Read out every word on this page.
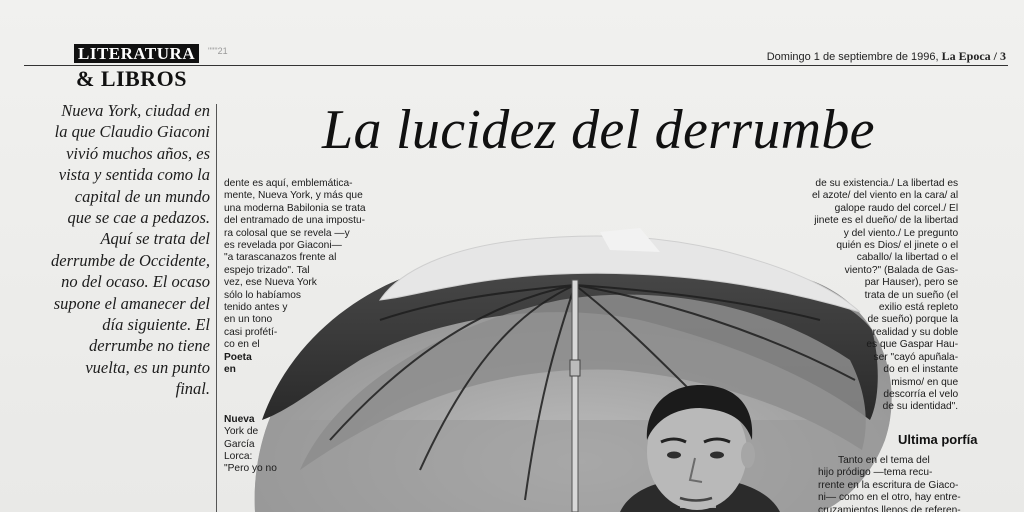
LITERATURA	"""21
& LIBROS
Domingo 1 de septiembre de 1996, La Epoca / 3
Nueva York, ciudad en
la que Claudio Giaconi
vivió muchos años, es
vista y sentida como la
capital de un mundo
que se cae a pedazos.
Aquí se trata del
derrumbe de Occidente,
no del ocaso. El ocaso
supone el amanecer del
día siguiente. El
derrumbe no tiene
vuelta, es un punto
final.
La lucidez del derrumbe

dente es aquí, emblemática-

mente, Nueva York, y más que

una moderna Babilonia se trata

del entramado de una impostu-

ra colosal que se revela —y

es revelada por Giaconi—

"a tarascanazos frente al

espejo trizado". Tal

vez, ese Nueva York

sólo lo habíamos

tenido antes y

en un tono

casi profétí-

co en el

Poeta

en

Nueva

York de

García

Lorca:

"Pero yo no

de su existencia./ La libertad es

el azote/ del viento en la cara/ al

galope raudo del corcel./ El

jinete es el dueño/ de la libertad

y del viento./ Le pregunto

quién es Dios/ el jinete o el

caballo/ la libertad o el

viento?" (Balada de Gas-

par Hauser), pero se

trata de un sueño (el

exilio está repleto

de sueño) porque la

realidad y su doble

es que Gaspar Hau-

ser "cayó apuñala-

do en el instante

mismo/ en que

descorría el velo

de su identidad".

Ultima porfía

Tanto en el tema del

hijo pródigo —tema recu-

rrente en la escritura de Giaco-

ni— como en el otro, hay entre-

cruzamientos llenos de referen-
